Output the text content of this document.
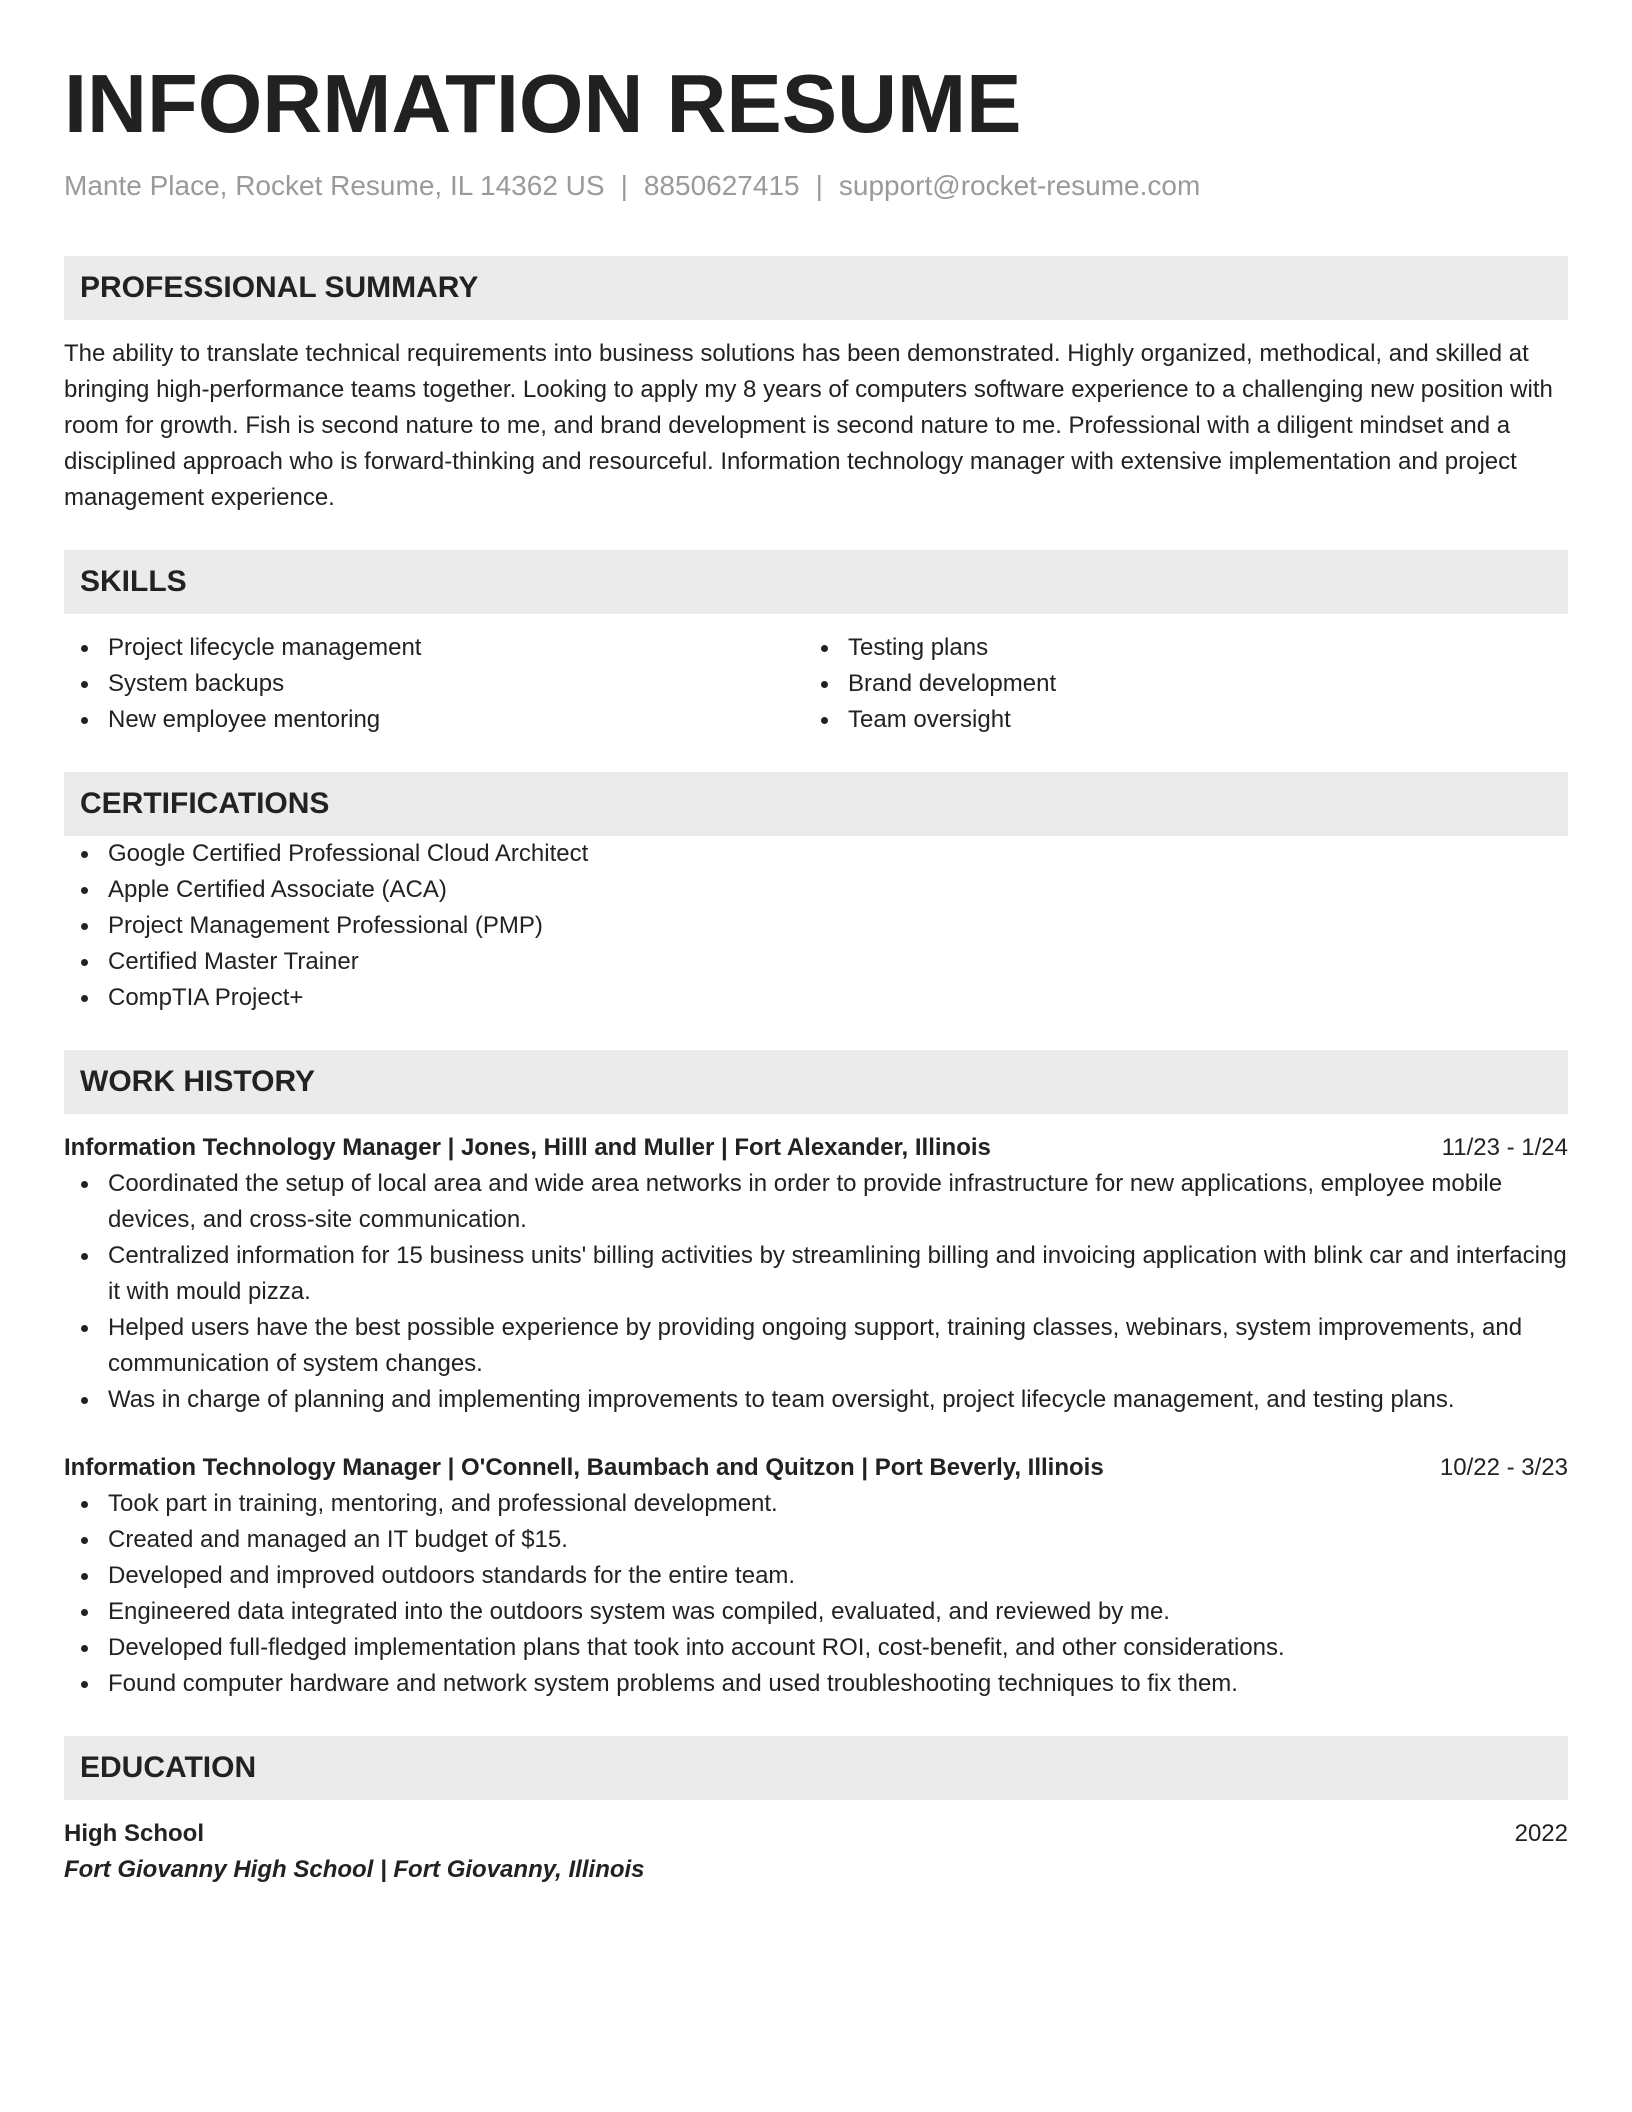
INFORMATION RESUME
Mante Place, Rocket Resume, IL 14362 US | 8850627415 | support@rocket-resume.com
PROFESSIONAL SUMMARY
The ability to translate technical requirements into business solutions has been demonstrated. Highly organized, methodical, and skilled at bringing high-performance teams together. Looking to apply my 8 years of computers software experience to a challenging new position with room for growth. Fish is second nature to me, and brand development is second nature to me. Professional with a diligent mindset and a disciplined approach who is forward-thinking and resourceful. Information technology manager with extensive implementation and project management experience.
SKILLS
Project lifecycle management
System backups
New employee mentoring
Testing plans
Brand development
Team oversight
CERTIFICATIONS
Google Certified Professional Cloud Architect
Apple Certified Associate (ACA)
Project Management Professional (PMP)
Certified Master Trainer
CompTIA Project+
WORK HISTORY
Information Technology Manager | Jones, Hilll and Muller | Fort Alexander, Illinois	11/23 - 1/24
Coordinated the setup of local area and wide area networks in order to provide infrastructure for new applications, employee mobile devices, and cross-site communication.
Centralized information for 15 business units' billing activities by streamlining billing and invoicing application with blink car and interfacing it with mould pizza.
Helped users have the best possible experience by providing ongoing support, training classes, webinars, system improvements, and communication of system changes.
Was in charge of planning and implementing improvements to team oversight, project lifecycle management, and testing plans.
Information Technology Manager | O'Connell, Baumbach and Quitzon | Port Beverly, Illinois	10/22 - 3/23
Took part in training, mentoring, and professional development.
Created and managed an IT budget of $15.
Developed and improved outdoors standards for the entire team.
Engineered data integrated into the outdoors system was compiled, evaluated, and reviewed by me.
Developed full-fledged implementation plans that took into account ROI, cost-benefit, and other considerations.
Found computer hardware and network system problems and used troubleshooting techniques to fix them.
EDUCATION
High School	2022
Fort Giovanny High School | Fort Giovanny, Illinois
